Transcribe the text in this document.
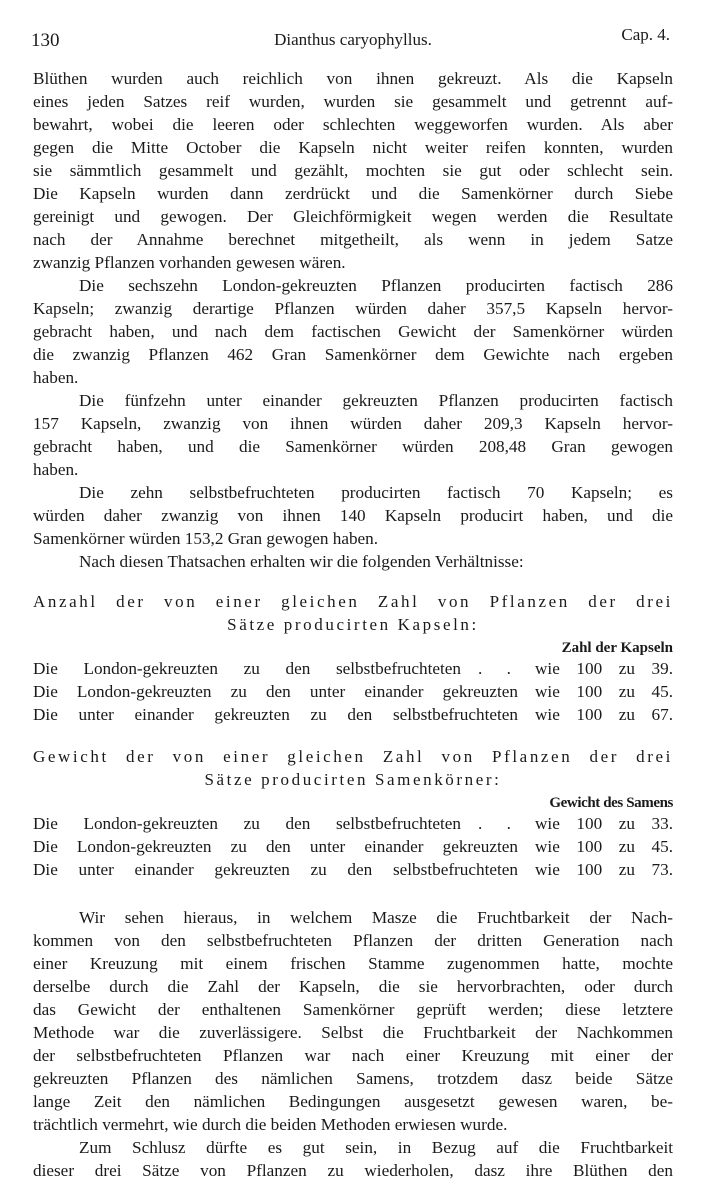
130	Dianthus caryophyllus.	Cap. 4.
Blüthen wurden auch reichlich von ihnen gekreuzt. Als die Kapseln
eines jeden Satzes reif wurden, wurden sie gesammelt und getrennt auf-
bewahrt, wobei die leeren oder schlechten weggeworfen wurden. Als aber
gegen die Mitte October die Kapseln nicht weiter reifen konnten, wurden
sie sämmtlich gesammelt und gezählt, mochten sie gut oder schlecht sein.
Die Kapseln wurden dann zerdrückt und die Samenkörner durch Siebe
gereinigt und gewogen. Der Gleichförmigkeit wegen werden die Resultate
nach der Annahme berechnet mitgetheilt, als wenn in jedem Satze
zwanzig Pflanzen vorhanden gewesen wären.
Die sechszehn London-gekreuzten Pflanzen producirten factisch 286
Kapseln; zwanzig derartige Pflanzen würden daher 357,5 Kapseln hervor-
gebracht haben, und nach dem factischen Gewicht der Samenkörner würden
die zwanzig Pflanzen 462 Gran Samenkörner dem Gewichte nach ergeben
haben.
Die fünfzehn unter einander gekreuzten Pflanzen producirten factisch
157 Kapseln, zwanzig von ihnen würden daher 209,3 Kapseln hervor-
gebracht haben, und die Samenkörner würden 208,48 Gran gewogen
haben.
Die zehn selbstbefruchteten producirten factisch 70 Kapseln; es
würden daher zwanzig von ihnen 140 Kapseln producirt haben, und die
Samenkörner würden 153,2 Gran gewogen haben.
Nach diesen Thatsachen erhalten wir die folgenden Verhältnisse:
Anzahl der von einer gleichen Zahl von Pflanzen der drei
Sätze producirten Kapseln:
Zahl der Kapseln
Die London-gekreuzten zu den selbstbefruchteten . . wie 100 zu 39.
Die London-gekreuzten zu den unter einander gekreuzten wie 100 zu 45.
Die unter einander gekreuzten zu den selbstbefruchteten wie 100 zu 67.
Gewicht der von einer gleichen Zahl von Pflanzen der drei
Sätze producirten Samenkörner:
Gewicht des Samens
Die London-gekreuzten zu den selbstbefruchteten . . wie 100 zu 33.
Die London-gekreuzten zu den unter einander gekreuzten wie 100 zu 45.
Die unter einander gekreuzten zu den selbstbefruchteten wie 100 zu 73.
Wir sehen hieraus, in welchem Masze die Fruchtbarkeit der Nach-
kommen von den selbstbefruchteten Pflanzen der dritten Generation nach
einer Kreuzung mit einem frischen Stamme zugenommen hatte, mochte
derselbe durch die Zahl der Kapseln, die sie hervorbrachten, oder durch
das Gewicht der enthaltenen Samenkörner geprüft werden; diese letztere
Methode war die zuverlässigere. Selbst die Fruchtbarkeit der Nachkommen
der selbstbefruchteten Pflanzen war nach einer Kreuzung mit einer der
gekreuzten Pflanzen des nämlichen Samens, trotzdem dasz beide Sätze
lange Zeit den nämlichen Bedingungen ausgesetzt gewesen waren, be-
trächtlich vermehrt, wie durch die beiden Methoden erwiesen wurde.
Zum Schlusz dürfte es gut sein, in Bezug auf die Fruchtbarkeit
dieser drei Sätze von Pflanzen zu wiederholen, dasz ihre Blüthen den
